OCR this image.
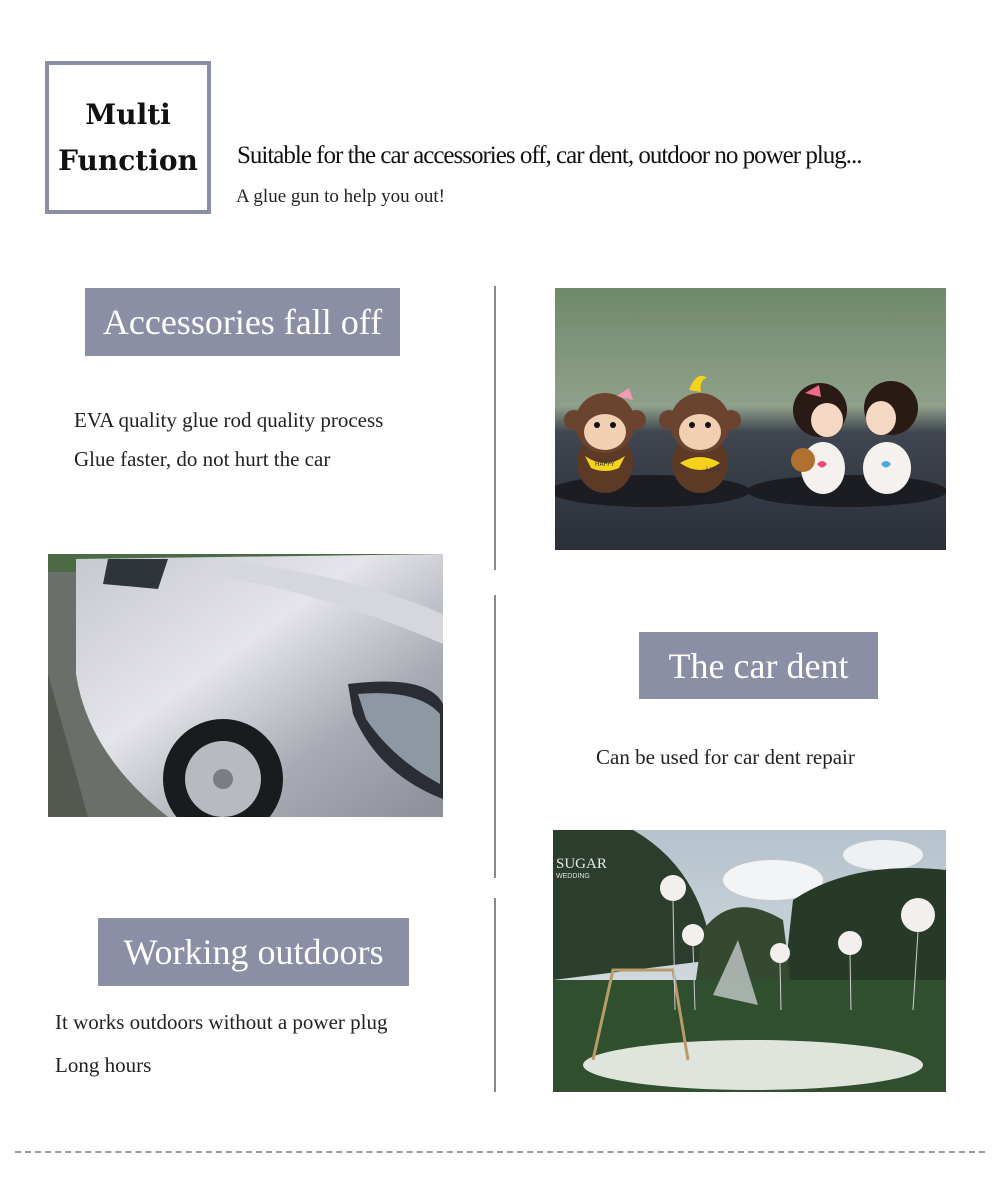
Multi
Function Suitable for the car accessories off, car dent, outdoor no power plug...
A glue gun to help you out!
Accessories fall off
EVA quality glue rod quality process
Glue faster, do not hurt the car	HAPPY
Love
The car dent
Can be used for car dent repair
Working outdoors
It works outdoors without a power plug
Long hours
SUGAR
WEDDING
